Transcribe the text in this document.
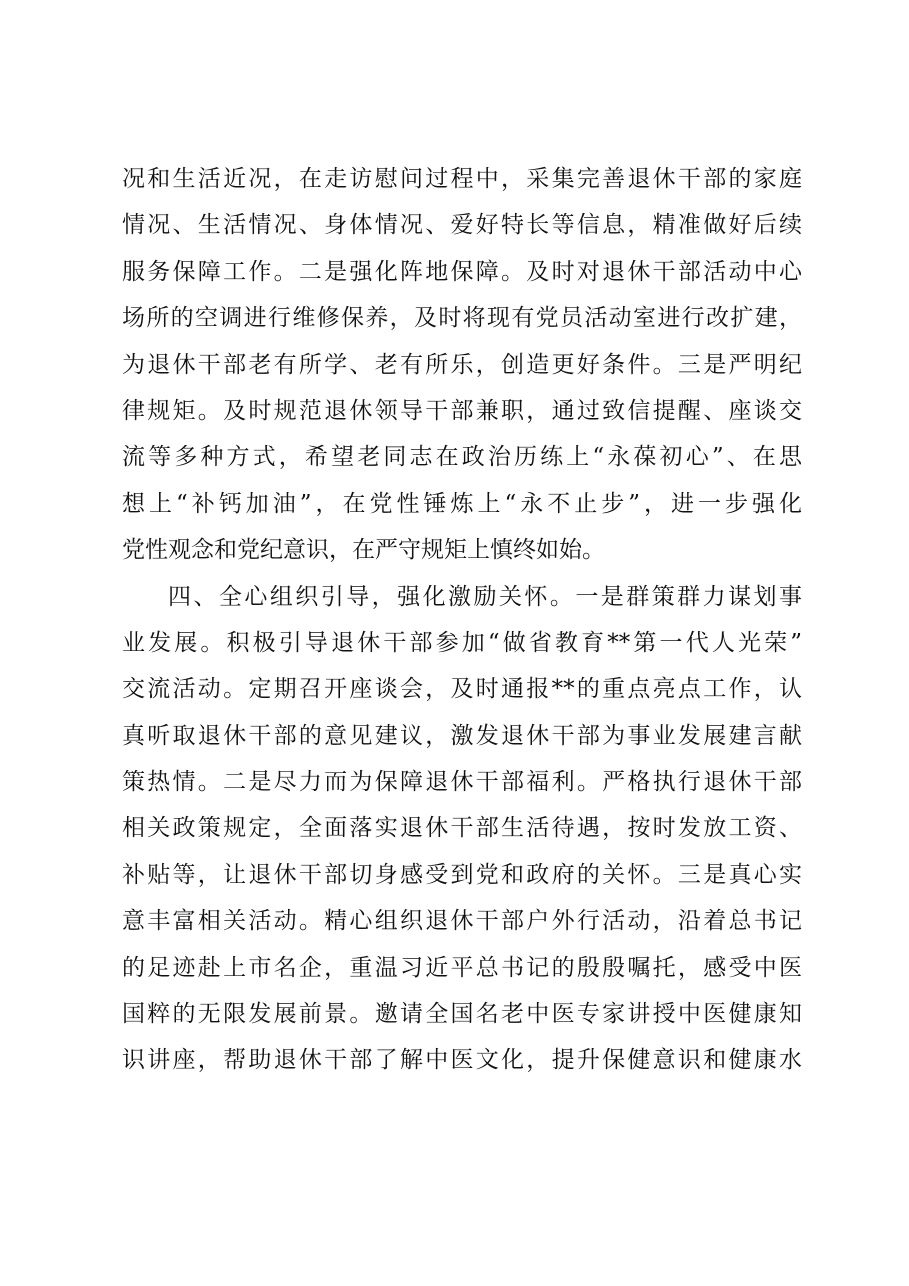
况和生活近况，在走访慰问过程中，采集完善退休干部的家庭
情况、生活情况、身体情况、爱好特长等信息，精准做好后续
服务保障工作。二是强化阵地保障。及时对退休干部活动中心
场所的空调进行维修保养，及时将现有党员活动室进行改扩建，
为退休干部老有所学、老有所乐，创造更好条件。三是严明纪
律规矩。及时规范退休领导干部兼职，通过致信提醒、座谈交
流等多种方式，希望老同志在政治历练上“永葆初心”、在思
想上“补钙加油”，在党性锤炼上“永不止步”，进一步强化
党性观念和党纪意识，在严守规矩上慎终如始。
四、全心组织引导，强化激励关怀。一是群策群力谋划事
业发展。积极引导退休干部参加“做省教育**第一代人光荣”
交流活动。定期召开座谈会，及时通报**的重点亮点工作，认
真听取退休干部的意见建议，激发退休干部为事业发展建言献
策热情。二是尽力而为保障退休干部福利。严格执行退休干部
相关政策规定，全面落实退休干部生活待遇，按时发放工资、
补贴等，让退休干部切身感受到党和政府的关怀。三是真心实
意丰富相关活动。精心组织退休干部户外行活动，沿着总书记
的足迹赴上市名企，重温习近平总书记的殷殷嘱托，感受中医
国粹的无限发展前景。邀请全国名老中医专家讲授中医健康知
识讲座，帮助退休干部了解中医文化，提升保健意识和健康水
